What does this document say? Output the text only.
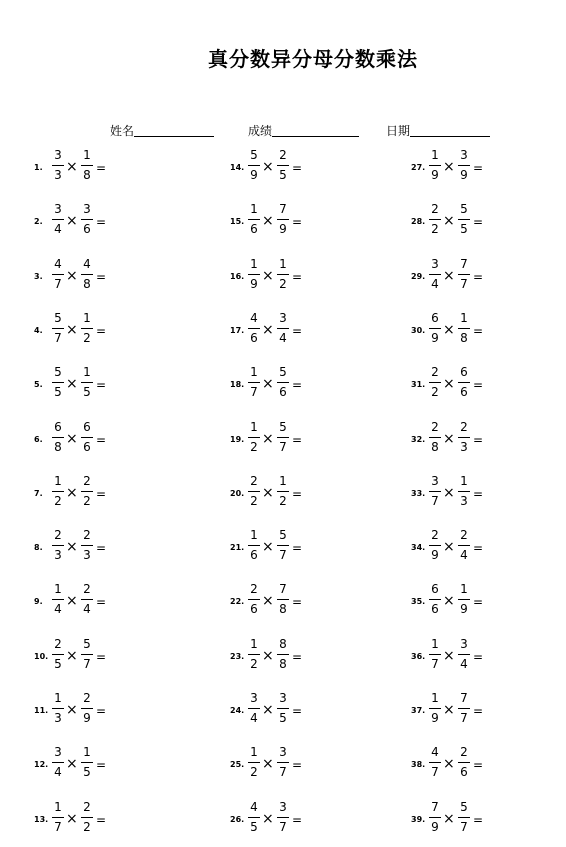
真分数异分母分数乘法
姓名	成绩	日期
1.
3
3 ×
1
8 =
2.
3
4 ×
3
6 =
3.
4
7 ×
4
8 =
4.
5
7 ×
1
2 =
5.
5
5 ×
1
5 =
6.
6
8 ×
6
6 =
7.
1
2 ×
2
2 =
8.
2
3 ×
2
3 =
9.
1
4 ×
2
4 =
10.
2
5 ×
5
7 =
11.
1
3 ×
2
9 =
12.
3
4 ×
1
5 =
13.
1
7 ×
2
2 =
14.
5
9 ×
2
5 =
15.
1
6 ×
7
9 =
16.
1
9 ×
1
2 =
17.
4
6 ×
3
4 =
18.
1
7 ×
5
6 =
19.
1
2 ×
5
7 =
20.
2
2 ×
1
2 =
21.
1
6 ×
5
7 =
22.
2
6 ×
7
8 =
23.
1
2 ×
8
8 =
24.
3
4 ×
3
5 =
25.
1
2 ×
3
7 =
26.
4
5 ×
3
7 =
27.
1
9 ×
3
9 =
28.
2
2 ×
5
5 =
29.
3
4 ×
7
7 =
30.
6
9 ×
1
8 =
31.
2
2 ×
6
6 =
32.
2
8 ×
2
3 =
33.
3
7 ×
1
3 =
34.
2
9 ×
2
4 =
35.
6
6 ×
1
9 =
36.
1
7 ×
3
4 =
37.
1
9 ×
7
7 =
38.
4
7 ×
2
6 =
39.
7
9 ×
5
7 =
